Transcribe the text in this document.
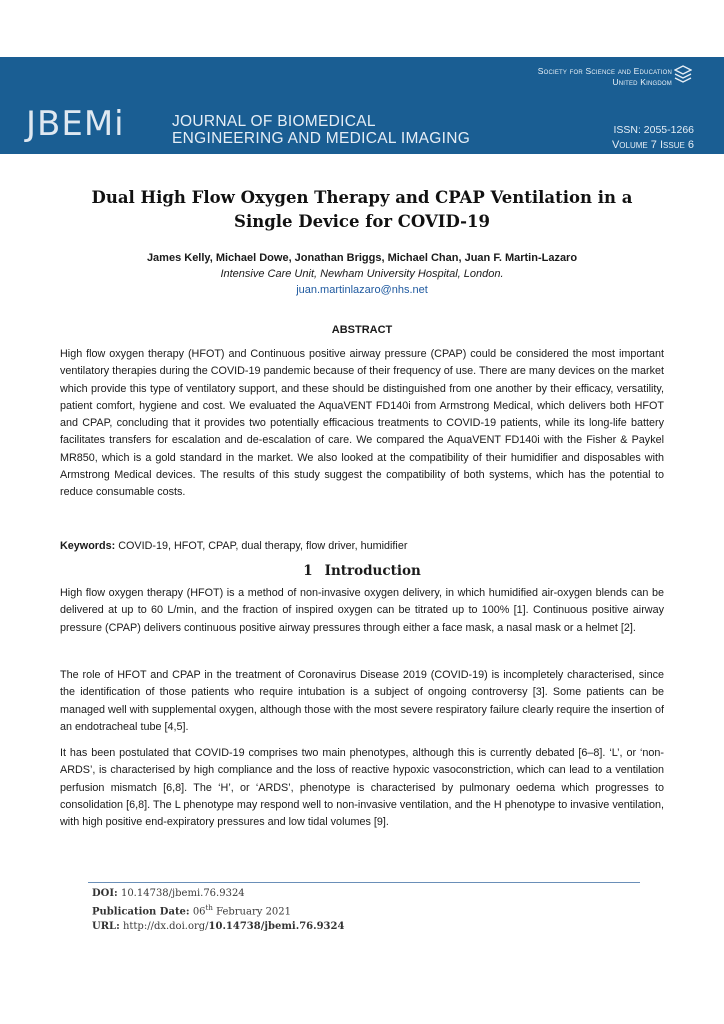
Society for Science and Education
United Kingdom
JBEMi	JOURNAL OF BIOMEDICAL
ENGINEERING AND MEDICAL IMAGING	ISSN: 2055-1266
Volume 7 Issue 6
Dual High Flow Oxygen Therapy and CPAP Ventilation in a
Single Device for COVID-19
James Kelly, Michael Dowe, Jonathan Briggs, Michael Chan, Juan F. Martin-Lazaro
Intensive Care Unit, Newham University Hospital, London.
juan.martinlazaro@nhs.net
ABSTRACT

High flow oxygen therapy (HFOT) and Continuous positive airway pressure (CPAP) could be considered the most important ventilatory therapies during the COVID-19 pandemic because of their frequency of use. There are many devices on the market which provide this type of ventilatory support, and these should be distinguished from one another by their efficacy, versatility, patient comfort, hygiene and cost. We evaluated the AquaVENT FD140i from Armstrong Medical, which delivers both HFOT and CPAP, concluding that it provides two potentially efficacious treatments to COVID-19 patients, while its long-life battery facilitates transfers for escalation and de-escalation of care. We compared the AquaVENT FD140i with the Fisher & Paykel MR850, which is a gold standard in the market. We also looked at the compatibility of their humidifier and disposables with Armstrong Medical devices. The results of this study suggest the compatibility of both systems, which has the potential to reduce consumable costs.

Keywords: COVID-19, HFOT, CPAP, dual therapy, flow driver, humidifier
1 Introduction

High flow oxygen therapy (HFOT) is a method of non-invasive oxygen delivery, in which humidified air-oxygen blends can be delivered at up to 60 L/min, and the fraction of inspired oxygen can be titrated up to 100% [1]. Continuous positive airway pressure (CPAP) delivers continuous positive airway pressures through either a face mask, a nasal mask or a helmet [2].

The role of HFOT and CPAP in the treatment of Coronavirus Disease 2019 (COVID-19) is incompletely characterised, since the identification of those patients who require intubation is a subject of ongoing controversy [3]. Some patients can be managed well with supplemental oxygen, although those with the most severe respiratory failure clearly require the insertion of an endotracheal tube [4,5].

It has been postulated that COVID-19 comprises two main phenotypes, although this is currently debated [6–8]. ‘L’, or ‘non-ARDS’, is characterised by high compliance and the loss of reactive hypoxic vasoconstriction, which can lead to a ventilation perfusion mismatch [6,8]. The ‘H’, or ‘ARDS’, phenotype is characterised by pulmonary oedema which progresses to consolidation [6,8]. The L phenotype may respond well to non-invasive ventilation, and the H phenotype to invasive ventilation, with high positive end-expiratory pressures and low tidal volumes [9].

DOI: 10.14738/jbemi.76.9324
Publication Date: 06th February 2021
URL: http://dx.doi.org/10.14738/jbemi.76.9324
